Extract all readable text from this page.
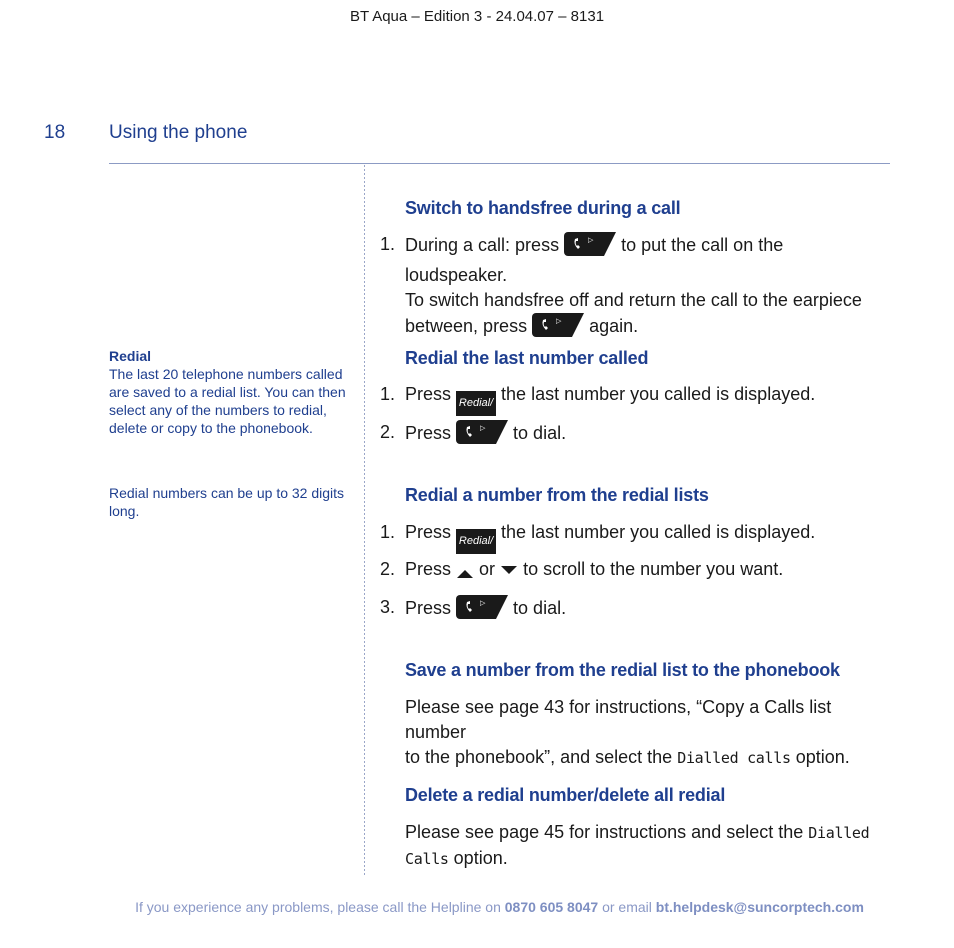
BT Aqua – Edition 3 - 24.04.07 – 8131
18 Using the phone
Redial
The last 20 telephone numbers called are saved to a redial list. You can then select any of the numbers to redial, delete or copy to the phonebook.
Redial numbers can be up to 32 digits long.
Switch to handsfree during a call
1. During a call: press	▷ to put the call on the loudspeaker.
To switch handsfree off and return the call to the earpiece
between, press	▷ again.
Redial the last number called
1. Press Redial/ the last number you called is displayed.
2. Press	▷ to dial.
Redial a number from the redial lists
1. Press Redial/ the last number you called is displayed.
2. Press or to scroll to the number you want.
3. Press	▷ to dial.
Save a number from the redial list to the phonebook
Please see page 43 for instructions, “Copy a Calls list number
to the phonebook”, and select the Dialled calls option.
Delete a redial number/delete all redial
Please see page 45 for instructions and select the Dialled
Calls option.
If you experience any problems, please call the Helpline on 0870 605 8047 or email bt.helpdesk@suncorptech.com
